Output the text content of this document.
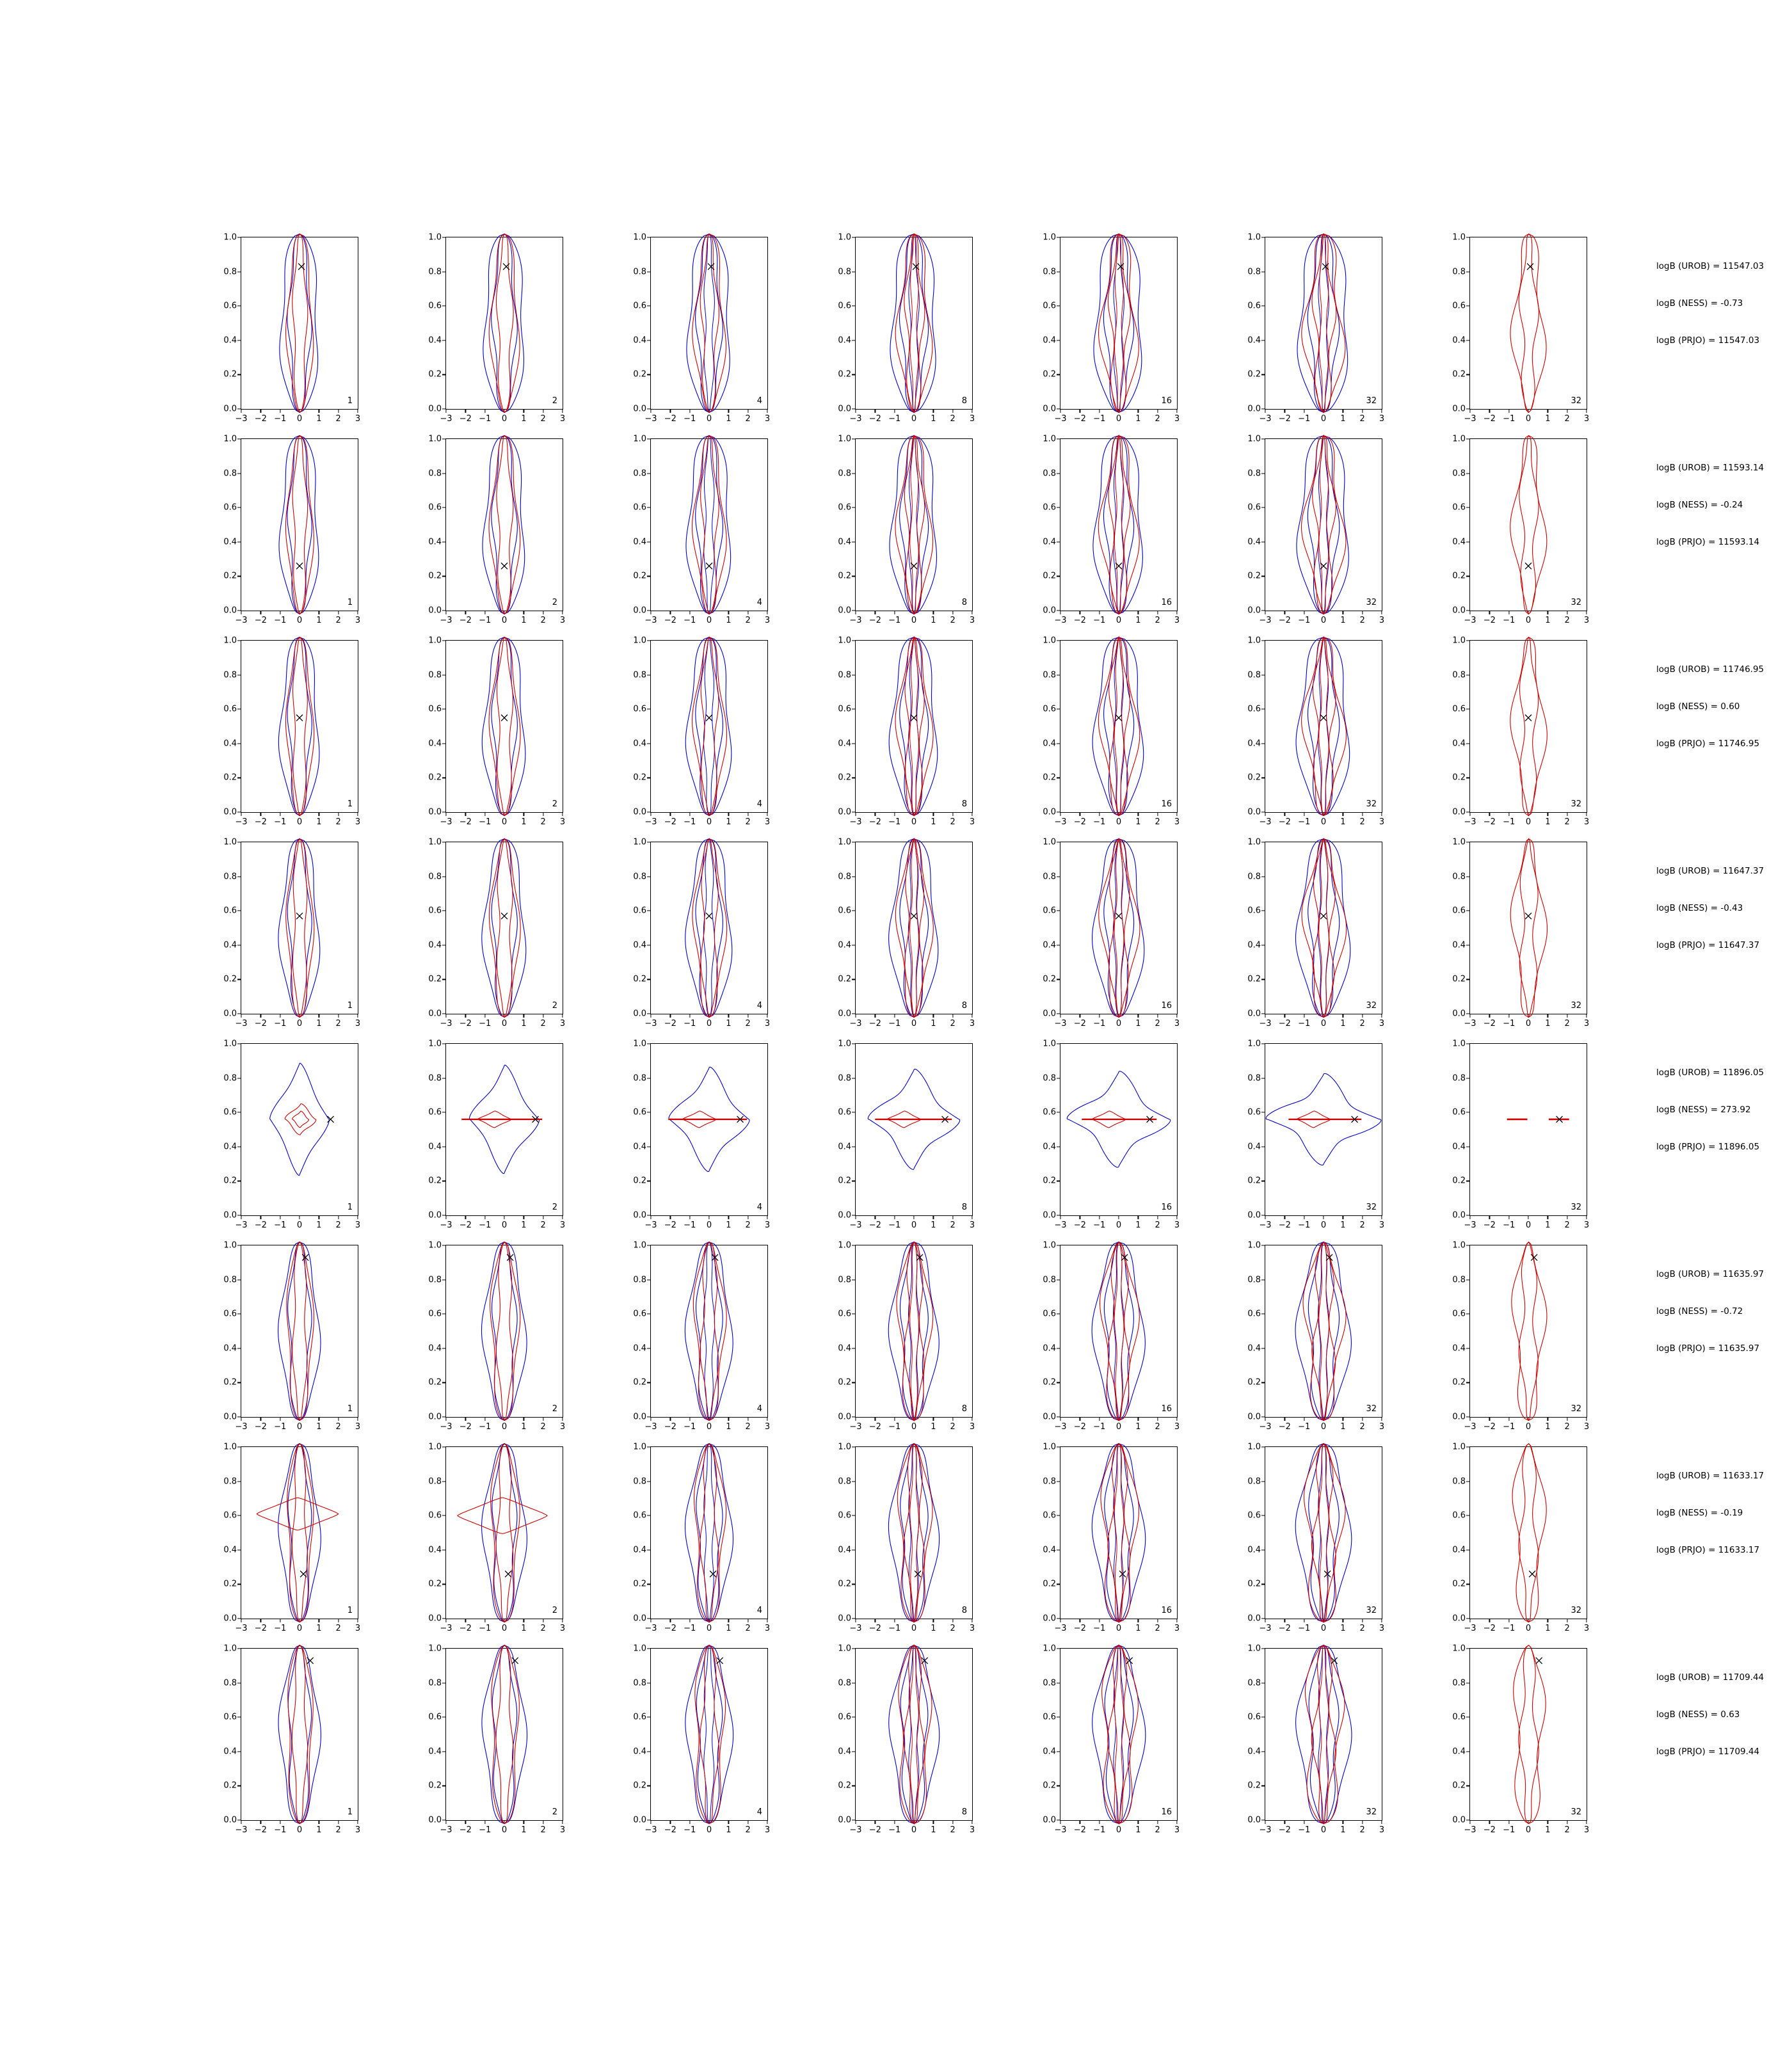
0.0
0.2
0.4
0.6
0.8
1.0
−3 −2 −1 0 1 2 3
1
0.0
0.2
0.4
0.6
0.8
1.0
−3 −2 −1 0 1 2 3
2
0.0
0.2
0.4
0.6
0.8
1.0
−3 −2 −1 0 1 2 3
4
0.0
0.2
0.4
0.6
0.8
1.0
−3 −2 −1 0 1 2 3
8
0.0
0.2
0.4
0.6
0.8
1.0
−3 −2 −1 0 1 2 3
16
0.0
0.2
0.4
0.6
0.8
1.0
−3 −2 −1 0 1 2 3
32
0.0
0.2
0.4
0.6
0.8
1.0
−3 −2 −1 0 1 2 3
32
0.0
0.2
0.4
0.6
0.8
1.0
−3 −2 −1 0 1 2 3
1
0.0
0.2
0.4
0.6
0.8
1.0
−3 −2 −1 0 1 2 3
2
0.0
0.2
0.4
0.6
0.8
1.0
−3 −2 −1 0 1 2 3
4
0.0
0.2
0.4
0.6
0.8
1.0
−3 −2 −1 0 1 2 3
8
0.0
0.2
0.4
0.6
0.8
1.0
−3 −2 −1 0 1 2 3
16
0.0
0.2
0.4
0.6
0.8
1.0
−3 −2 −1 0 1 2 3
32
0.0
0.2
0.4
0.6
0.8
1.0
−3 −2 −1 0 1 2 3
32
0.0
0.2
0.4
0.6
0.8
1.0
−3 −2 −1 0 1 2 3
1
0.0
0.2
0.4
0.6
0.8
1.0
−3 −2 −1 0 1 2 3
2
0.0
0.2
0.4
0.6
0.8
1.0
−3 −2 −1 0 1 2 3
4
0.0
0.2
0.4
0.6
0.8
1.0
−3 −2 −1 0 1 2 3
8
0.0
0.2
0.4
0.6
0.8
1.0
−3 −2 −1 0 1 2 3
16
0.0
0.2
0.4
0.6
0.8
1.0
−3 −2 −1 0 1 2 3
32
0.0
0.2
0.4
0.6
0.8
1.0
−3 −2 −1 0 1 2 3
32
0.0
0.2
0.4
0.6
0.8
1.0
−3 −2 −1 0 1 2 3
1
0.0
0.2
0.4
0.6
0.8
1.0
−3 −2 −1 0 1 2 3
2
0.0
0.2
0.4
0.6
0.8
1.0
−3 −2 −1 0 1 2 3
4
0.0
0.2
0.4
0.6
0.8
1.0
−3 −2 −1 0 1 2 3
8
0.0
0.2
0.4
0.6
0.8
1.0
−3 −2 −1 0 1 2 3
16
0.0
0.2
0.4
0.6
0.8
1.0
−3 −2 −1 0 1 2 3
32
0.0
0.2
0.4
0.6
0.8
1.0
−3 −2 −1 0 1 2 3
32
0.0
0.2
0.4
0.6
0.8
1.0
−3 −2 −1 0 1 2 3
1
0.0
0.2
0.4
0.6
0.8
1.0
−3 −2 −1 0 1 2 3
2
0.0
0.2
0.4
0.6
0.8
1.0
−3 −2 −1 0 1 2 3
4
0.0
0.2
0.4
0.6
0.8
1.0
−3 −2 −1 0 1 2 3
8
0.0
0.2
0.4
0.6
0.8
1.0
−3 −2 −1 0 1 2 3
16
0.0
0.2
0.4
0.6
0.8
1.0
−3 −2 −1 0 1 2 3
32
0.0
0.2
0.4
0.6
0.8
1.0
−3 −2 −1 0 1 2 3
32
0.0
0.2
0.4
0.6
0.8
1.0
−3 −2 −1 0 1 2 3
1
0.0
0.2
0.4
0.6
0.8
1.0
−3 −2 −1 0 1 2 3
2
0.0
0.2
0.4
0.6
0.8
1.0
−3 −2 −1 0 1 2 3
4
0.0
0.2
0.4
0.6
0.8
1.0
−3 −2 −1 0 1 2 3
8
0.0
0.2
0.4
0.6
0.8
1.0
−3 −2 −1 0 1 2 3
16
0.0
0.2
0.4
0.6
0.8
1.0
−3 −2 −1 0 1 2 3
32
0.0
0.2
0.4
0.6
0.8
1.0
−3 −2 −1 0 1 2 3
32
0.0
0.2
0.4
0.6
0.8
1.0
−3 −2 −1 0 1 2 3
1
0.0
0.2
0.4
0.6
0.8
1.0
−3 −2 −1 0 1 2 3
2
0.0
0.2
0.4
0.6
0.8
1.0
−3 −2 −1 0 1 2 3
4
0.0
0.2
0.4
0.6
0.8
1.0
−3 −2 −1 0 1 2 3
8
0.0
0.2
0.4
0.6
0.8
1.0
−3 −2 −1 0 1 2 3
16
0.0
0.2
0.4
0.6
0.8
1.0
−3 −2 −1 0 1 2 3
32
0.0
0.2
0.4
0.6
0.8
1.0
−3 −2 −1 0 1 2 3
32
0.0
0.2
0.4
0.6
0.8
1.0
−3 −2 −1 0 1 2 3
1
0.0
0.2
0.4
0.6
0.8
1.0
−3 −2 −1 0 1 2 3
2
0.0
0.2
0.4
0.6
0.8
1.0
−3 −2 −1 0 1 2 3
4
0.0
0.2
0.4
0.6
0.8
1.0
−3 −2 −1 0 1 2 3
8
0.0
0.2
0.4
0.6
0.8
1.0
−3 −2 −1 0 1 2 3
16
0.0
0.2
0.4
0.6
0.8
1.0
−3 −2 −1 0 1 2 3
32
0.0
0.2
0.4
0.6
0.8
1.0
−3 −2 −1 0 1 2 3
32
logB (UROB) = 11547.03
logB (NESS) = -0.73
logB (PRJO) = 11547.03
logB (UROB) = 11593.14
logB (NESS) = -0.24
logB (PRJO) = 11593.14
logB (UROB) = 11746.95
logB (NESS) = 0.60
logB (PRJO) = 11746.95
logB (UROB) = 11647.37
logB (NESS) = -0.43
logB (PRJO) = 11647.37
logB (UROB) = 11896.05
logB (NESS) = 273.92
logB (PRJO) = 11896.05
logB (UROB) = 11635.97
logB (NESS) = -0.72
logB (PRJO) = 11635.97
logB (UROB) = 11633.17
logB (NESS) = -0.19
logB (PRJO) = 11633.17
logB (UROB) = 11709.44
logB (NESS) = 0.63
logB (PRJO) = 11709.44
